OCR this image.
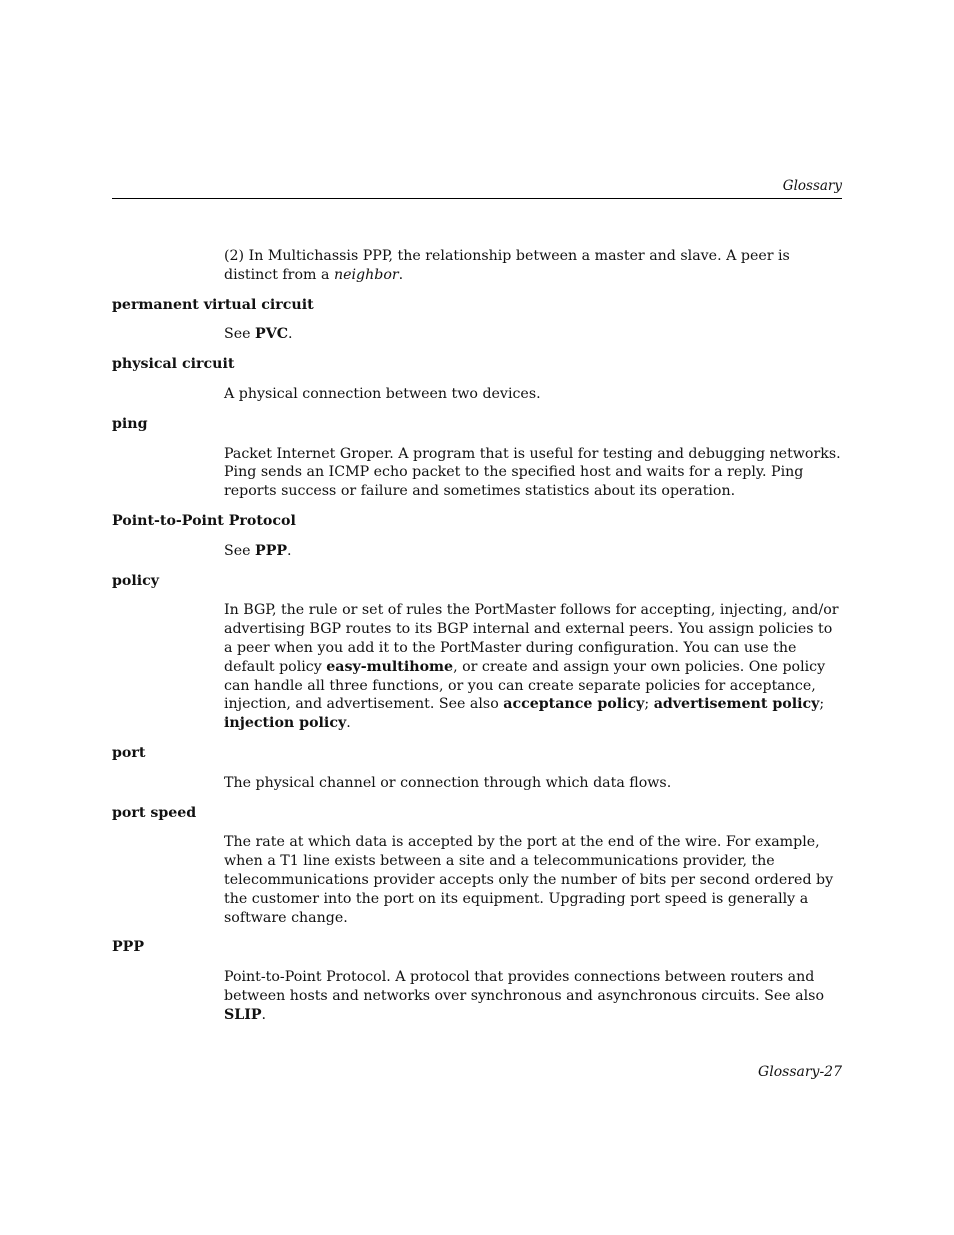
Glossary
(2) In Multichassis PPP, the relationship between a master and slave. A peer is distinct from a neighbor.
permanent virtual circuit
See PVC.
physical circuit
A physical connection between two devices.
ping
Packet Internet Groper. A program that is useful for testing and debugging networks. Ping sends an ICMP echo packet to the specified host and waits for a reply. Ping reports success or failure and sometimes statistics about its operation.
Point-to-Point Protocol
See PPP.
policy
In BGP, the rule or set of rules the PortMaster follows for accepting, injecting, and/or advertising BGP routes to its BGP internal and external peers. You assign policies to a peer when you add it to the PortMaster during configuration. You can use the default policy easy-multihome, or create and assign your own policies. One policy can handle all three functions, or you can create separate policies for acceptance, injection, and advertisement. See also acceptance policy; advertisement policy; injection policy.
port
The physical channel or connection through which data flows.
port speed
The rate at which data is accepted by the port at the end of the wire. For example, when a T1 line exists between a site and a telecommunications provider, the telecommunications provider accepts only the number of bits per second ordered by the customer into the port on its equipment. Upgrading port speed is generally a software change.
PPP
Point-to-Point Protocol. A protocol that provides connections between routers and between hosts and networks over synchronous and asynchronous circuits. See also SLIP.
Glossary-27
